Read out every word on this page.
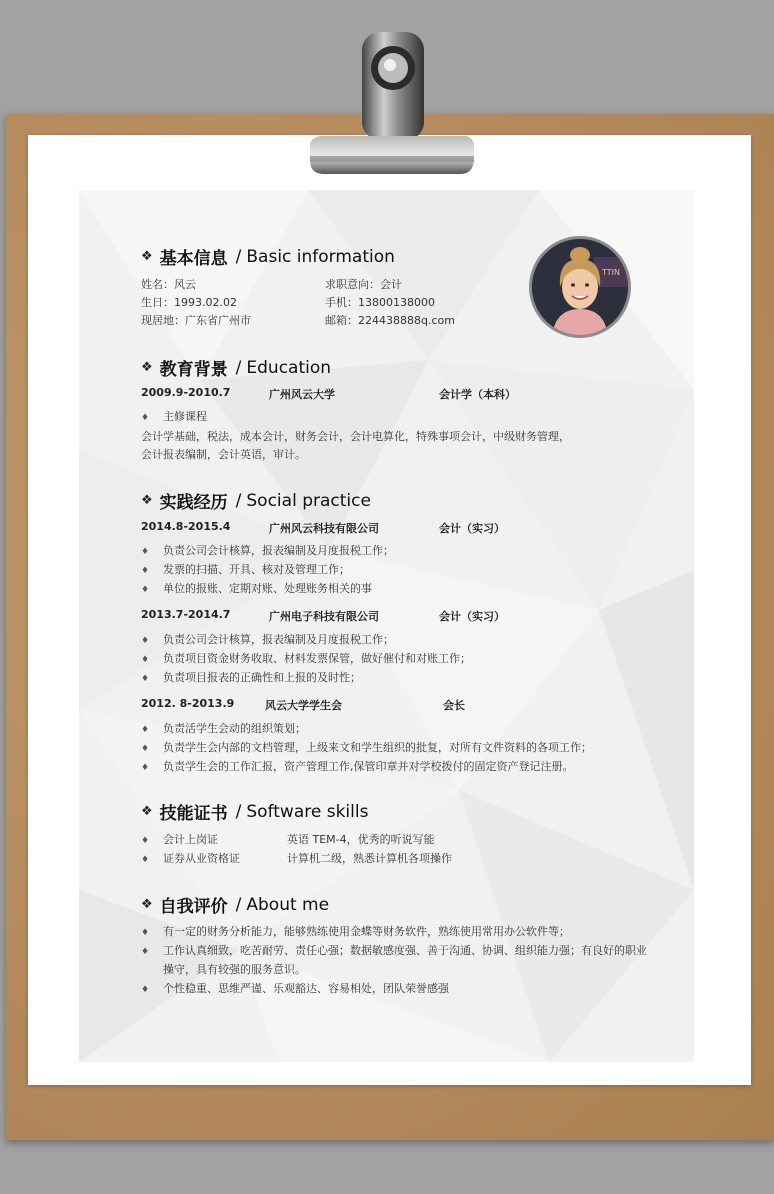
❖ 基本信息 / Basic information
姓名：风云	求职意向：会计
生日：1993.02.02	手机：13800138000
现居地：广东省广州市	邮箱：224438888q.com
TTIN
❖ 教育背景 / Education
2009.9-2010.7	广州风云大学	会计学（本科）
♦ 主修课程
会计学基础，税法，成本会计，财务会计，会计电算化，特殊事项会计，中级财务管理，
会计报表编制，会计英语，审计。
❖ 实践经历 / Social practice
2014.8-2015.4	广州风云科技有限公司	会计（实习）
♦ 负责公司会计核算，报表编制及月度报税工作；
♦ 发票的扫描、开具、核对及管理工作；
♦ 单位的报账、定期对账、处理账务相关的事
2013.7-2014.7	广州电子科技有限公司	会计（实习）
♦ 负责公司会计核算，报表编制及月度报税工作；
♦ 负责项目资金财务收取、材料发票保管，做好催付和对账工作；
♦ 负责项目报表的正确性和上报的及时性；
2012. 8-2013.9	风云大学学生会	会长
♦ 负责活学生会动的组织策划；
♦ 负责学生会内部的文档管理，上级来文和学生组织的批复，对所有文件资料的各项工作；
♦ 负责学生会的工作汇报，资产管理工作,保管印章并对学校拨付的固定资产登记注册。
❖ 技能证书 / Software skills
♦ 会计上岗证	英语 TEM-4，优秀的听说写能
♦ 证券从业资格证	计算机二级，熟悉计算机各项操作
❖ 自我评价 / About me
♦ 有一定的财务分析能力，能够熟练使用金蝶等财务软件，熟练使用常用办公软件等；
♦ 工作认真细致，吃苦耐劳、责任心强；数据敏感度强、善于沟通、协调、组织能力强；有良好的职业
操守，具有较强的服务意识。
♦ 个性稳重、思维严谨、乐观豁达、容易相处，团队荣誉感强
